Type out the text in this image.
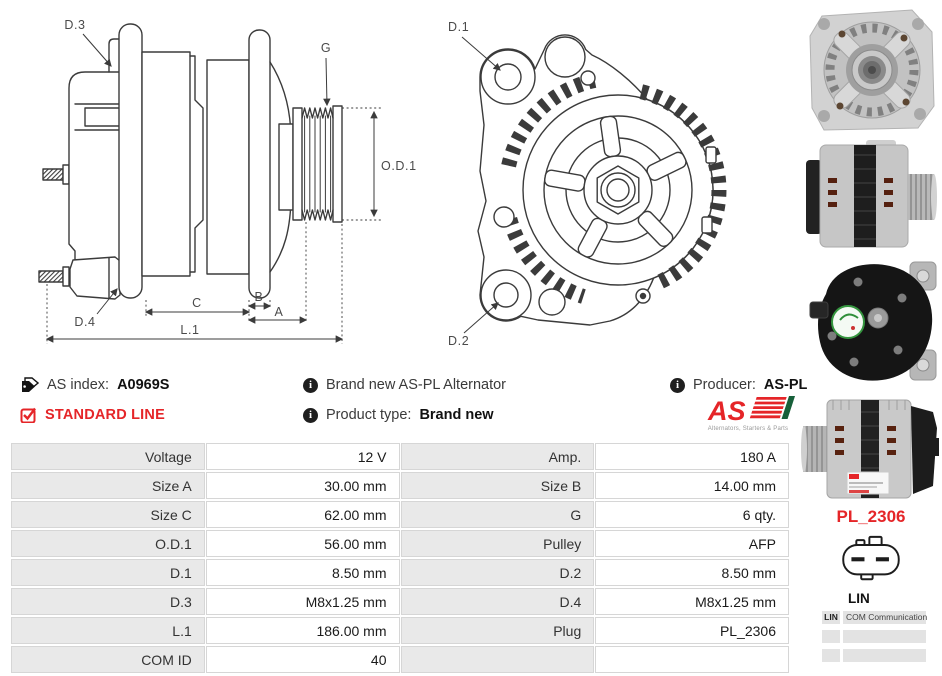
D.3
D.4
G
O.D.1
C	B
A
L.1
D.1
D.2
AS index: A0969S
STANDARD LINE
i Brand new AS-PL Alternator
i Product type: Brand new
i Producer: AS-PL
AS
Alternators, Starters & Parts
Voltage	12 V	Amp.	180 A
Size A	30.00 mm	Size B	14.00 mm
Size C	62.00 mm	G	6 qty.
O.D.1	56.00 mm	Pulley	AFP
D.1	8.50 mm	D.2	8.50 mm
D.3	M8x1.25 mm	D.4	M8x1.25 mm
L.1	186.00 mm	Plug	PL_2306
COM ID	40		
PL_2306
LIN
LIN COM Communication
